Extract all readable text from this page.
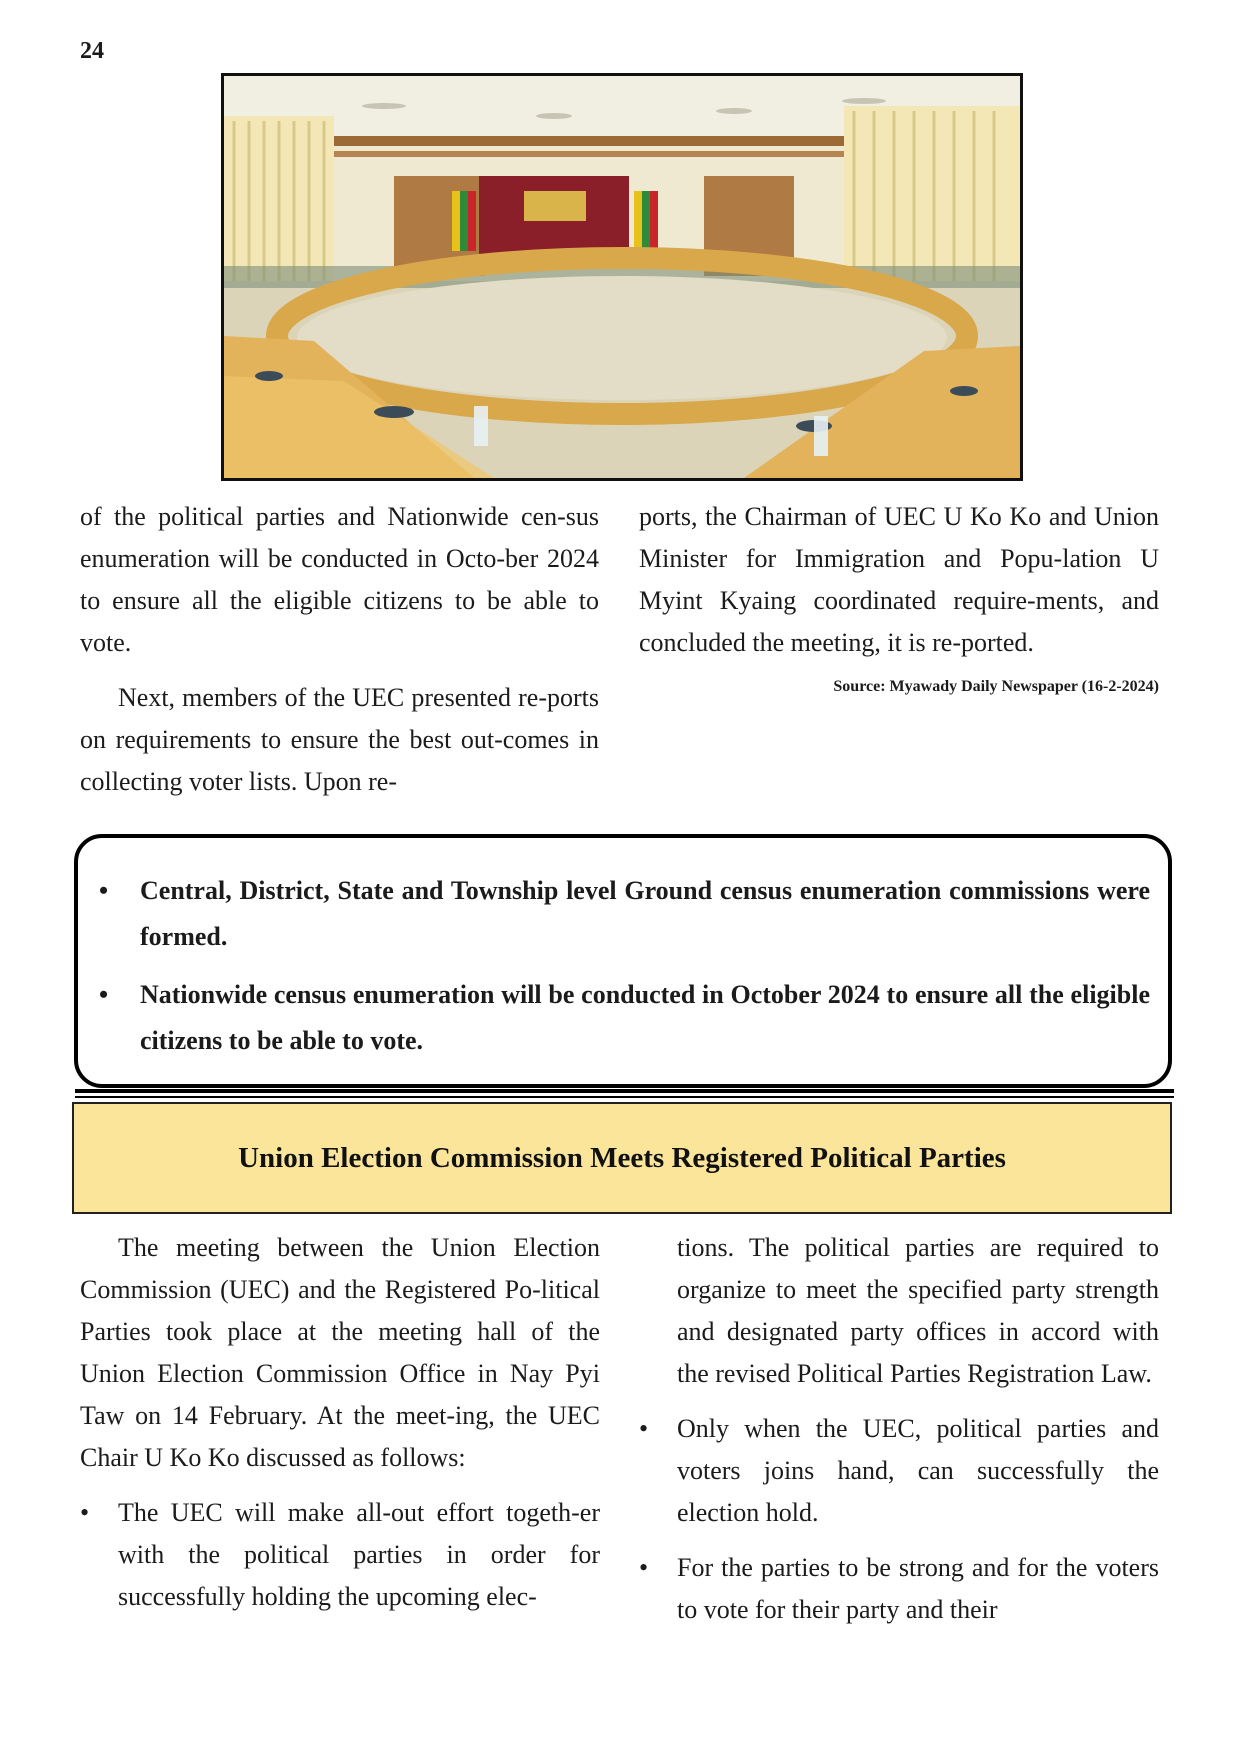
24

of the political parties and Nationwide cen-sus enumeration will be conducted in Octo-ber 2024 to ensure all the eligible citizens to be able to vote.

Next, members of the UEC presented re-ports on requirements to ensure the best out-comes in collecting voter lists. Upon re-

ports, the Chairman of UEC U Ko Ko and Union Minister for Immigration and Popu-lation U Myint Kyaing coordinated require-ments, and concluded the meeting, it is re-ported.

Source: Myawady Daily Newspaper (16-2-2024)
•	Central, District, State and Township level Ground census enumeration commissions were formed.
•	Nationwide census enumeration will be conducted in October 2024 to ensure all the eligible citizens to be able to vote.
Union Election Commission Meets Registered Political Parties

The meeting between the Union Election Commission (UEC) and the Registered Po-litical Parties took place at the meeting hall of the Union Election Commission Office in Nay Pyi Taw on 14 February. At the meet-ing, the UEC Chair U Ko Ko discussed as follows:

• The UEC will make all-out effort togeth-er with the political parties in order for successfully holding the upcoming elec-

tions. The political parties are required to organize to meet the specified party strength and designated party offices in accord with the revised Political Parties Registration Law.

• Only when the UEC, political parties and voters joins hand, can successfully the election hold.
• For the parties to be strong and for the voters to vote for their party and their
